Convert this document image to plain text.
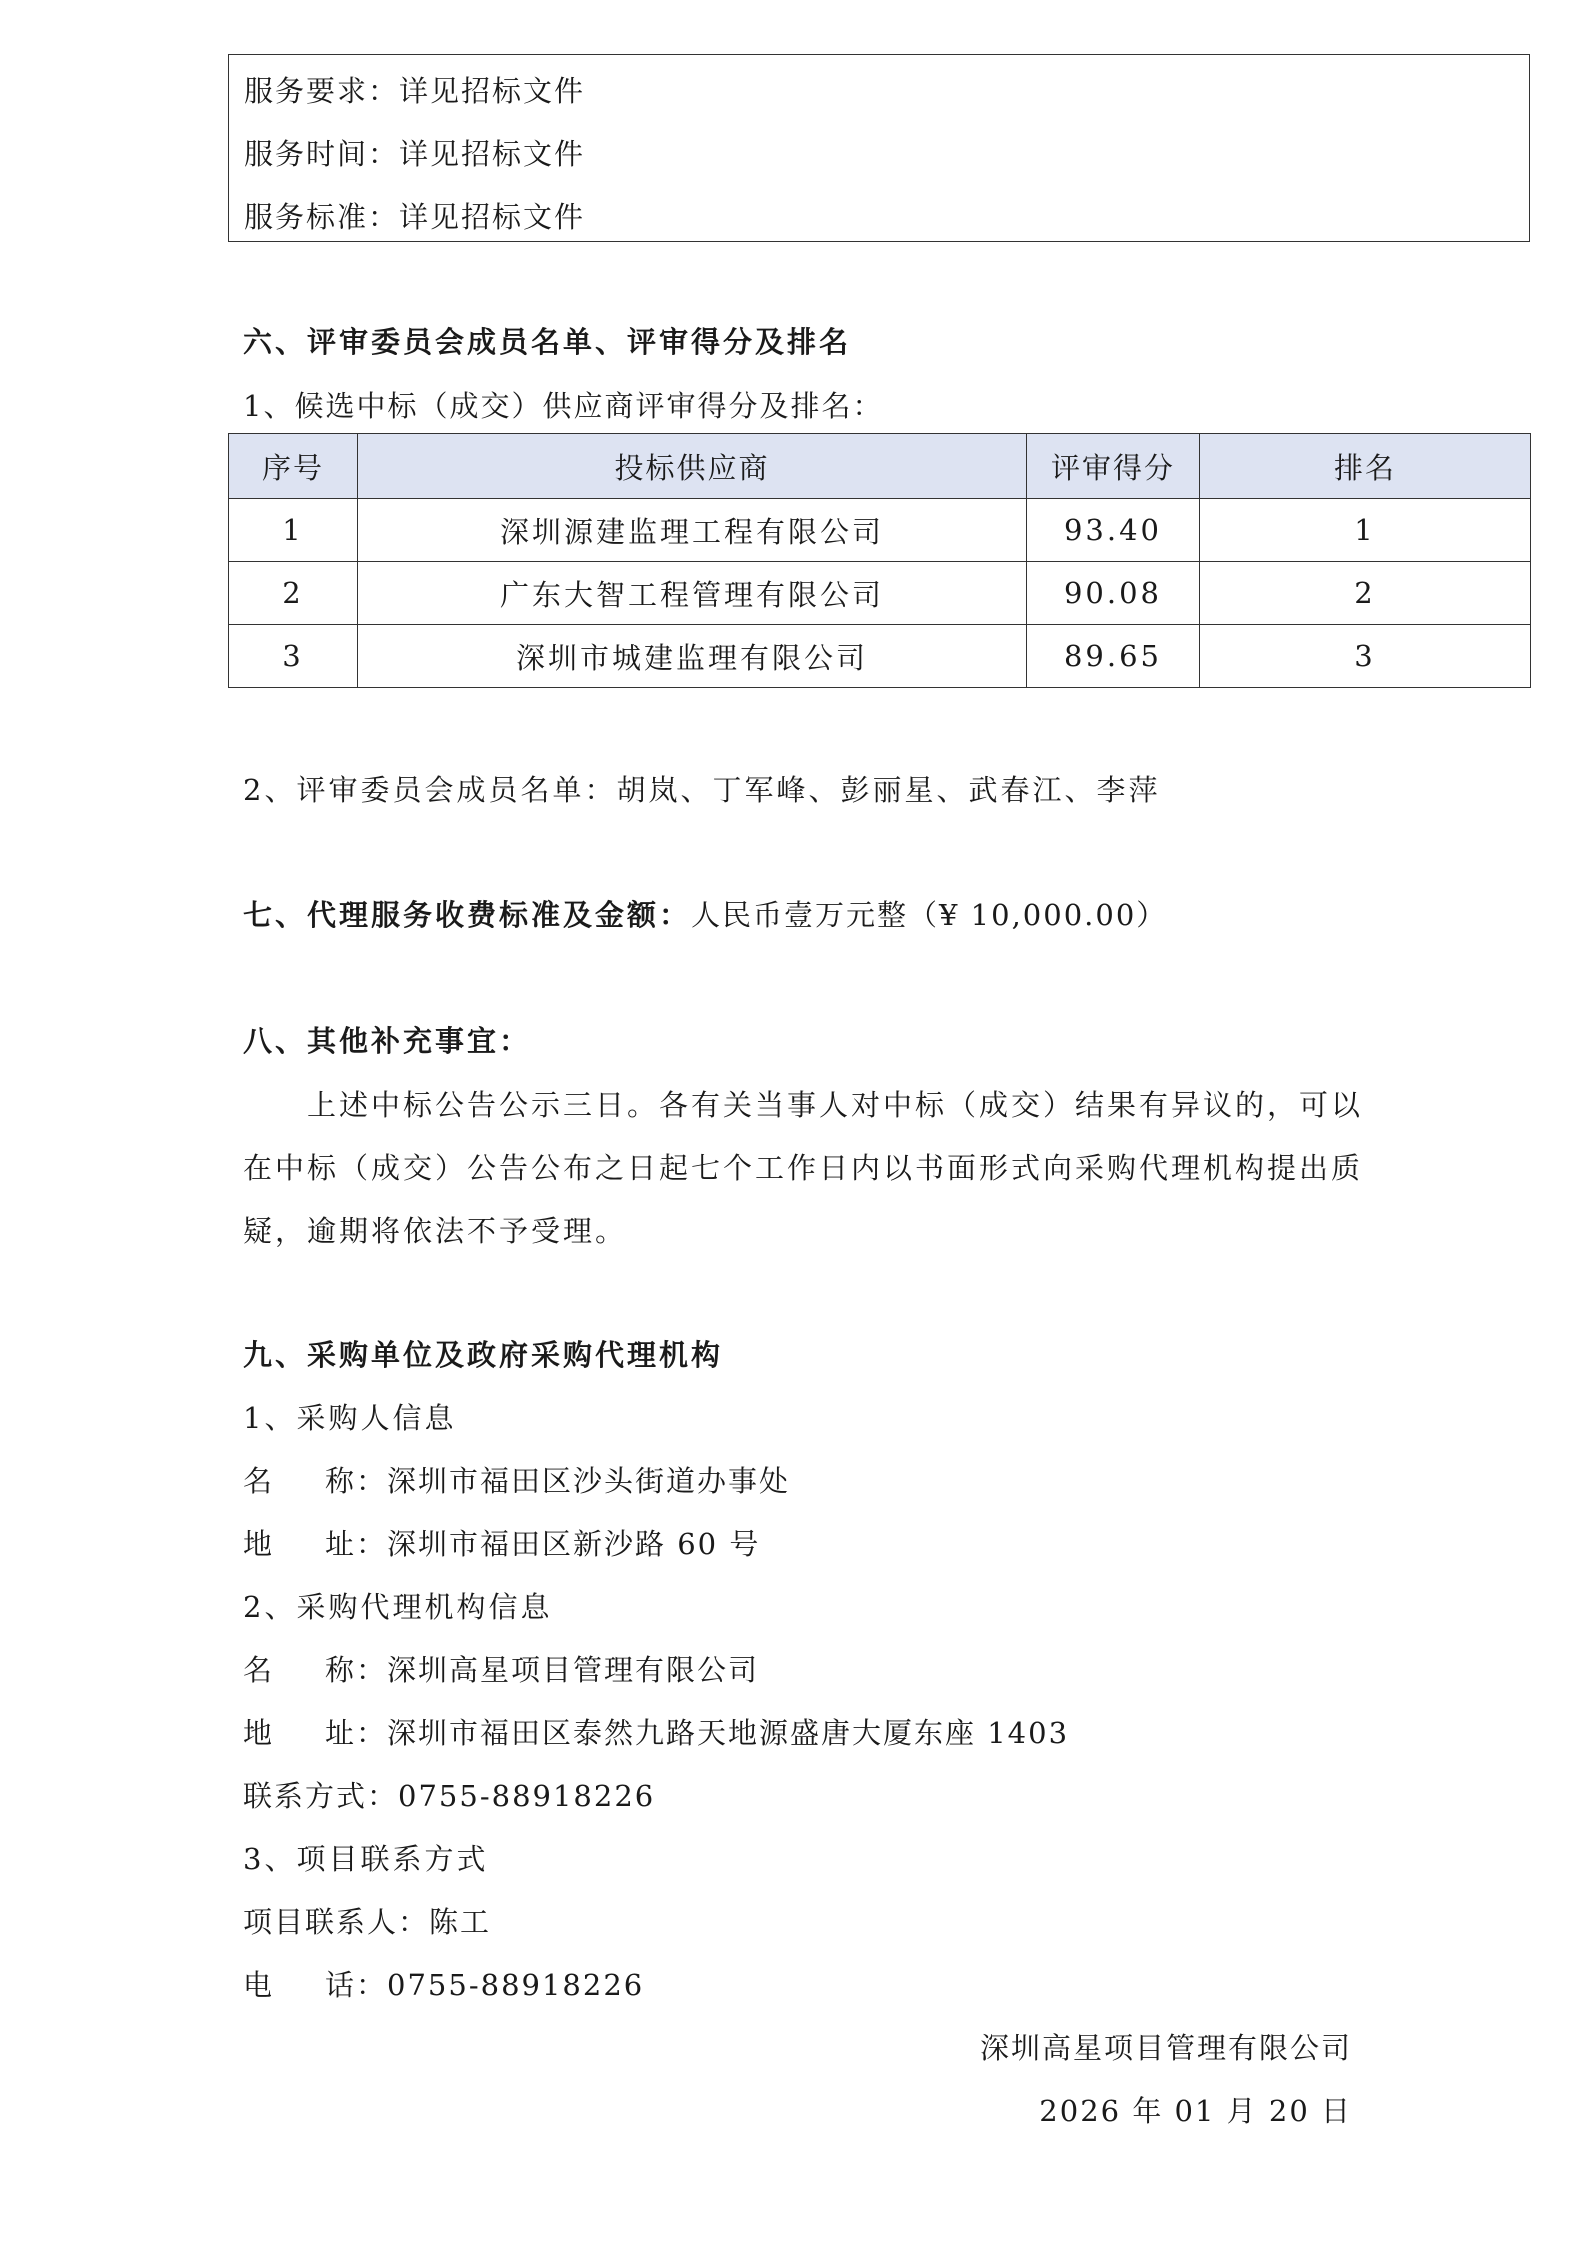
服务要求：详见招标文件
服务时间：详见招标文件
服务标准：详见招标文件
六、评审委员会成员名单、评审得分及排名
1、候选中标（成交）供应商评审得分及排名：
序号	投标供应商	评审得分	排名
1	深圳源建监理工程有限公司	93.40	1
2	广东大智工程管理有限公司	90.08	2
3	深圳市城建监理有限公司	89.65	3
2、评审委员会成员名单：胡岚、丁军峰、彭丽星、武春江、李萍
七、代理服务收费标准及金额：人民币壹万元整（¥ 10,000.00）
八、其他补充事宜：
上述中标公告公示三日。各有关当事人对中标（成交）结果有异议的，可以
在中标（成交）公告公布之日起七个工作日内以书面形式向采购代理机构提出质
疑，逾期将依法不予受理。
九、采购单位及政府采购代理机构
1、采购人信息
名 称：深圳市福田区沙头街道办事处
地 址：深圳市福田区新沙路 60 号
2、采购代理机构信息
名 称：深圳高星项目管理有限公司
地 址：深圳市福田区泰然九路天地源盛唐大厦东座 1403
联系方式：0755-88918226
3、项目联系方式
项目联系人：陈工
电 话：0755-88918226
深圳高星项目管理有限公司
2026 年 01 月 20 日
